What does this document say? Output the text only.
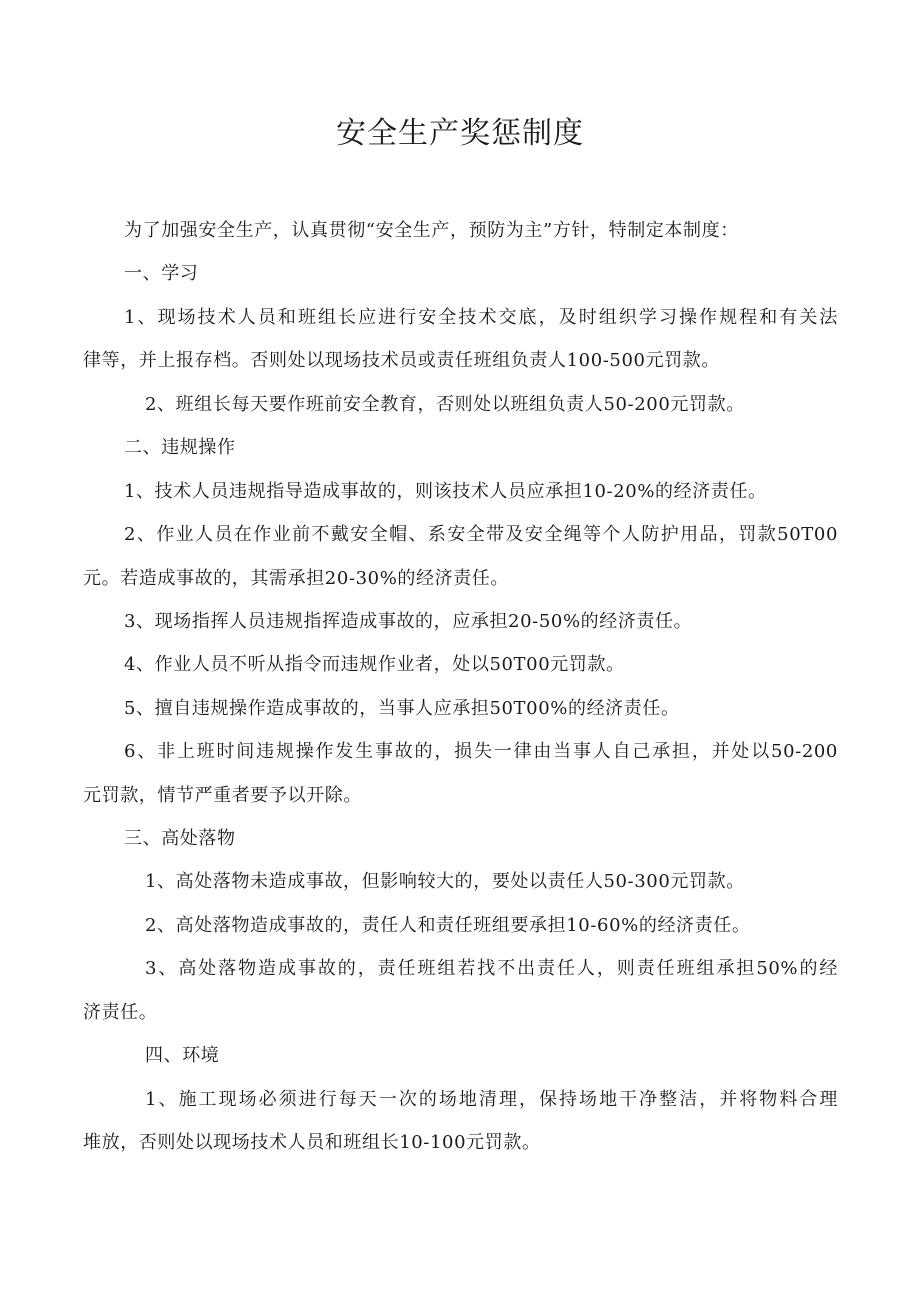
安全生产奖惩制度
为了加强安全生产，认真贯彻“安全生产，预防为主”方针，特制定本制度：
一、学习
1、现场技术人员和班组长应进行安全技术交底，及时组织学习操作规程和有关法
律等，并上报存档。否则处以现场技术员或责任班组负责人100-500元罚款。
2、班组长每天要作班前安全教育，否则处以班组负责人50-200元罚款。
二、违规操作
1、技术人员违规指导造成事故的，则该技术人员应承担10-20%的经济责任。
2、作业人员在作业前不戴安全帽、系安全带及安全绳等个人防护用品，罚款50T00
元。若造成事故的，其需承担20-30%的经济责任。
3、现场指挥人员违规指挥造成事故的，应承担20-50%的经济责任。
4、作业人员不听从指令而违规作业者，处以50T00元罚款。
5、擅自违规操作造成事故的，当事人应承担50T00%的经济责任。
6、非上班时间违规操作发生事故的，损失一律由当事人自己承担，并处以50-200
元罚款，情节严重者要予以开除。
三、高处落物
1、高处落物未造成事故，但影响较大的，要处以责任人50-300元罚款。
2、高处落物造成事故的，责任人和责任班组要承担10-60%的经济责任。
3、高处落物造成事故的，责任班组若找不出责任人，则责任班组承担50%的经
济责任。
四、环境
1、施工现场必须进行每天一次的场地清理，保持场地干净整洁，并将物料合理
堆放，否则处以现场技术人员和班组长10-100元罚款。
